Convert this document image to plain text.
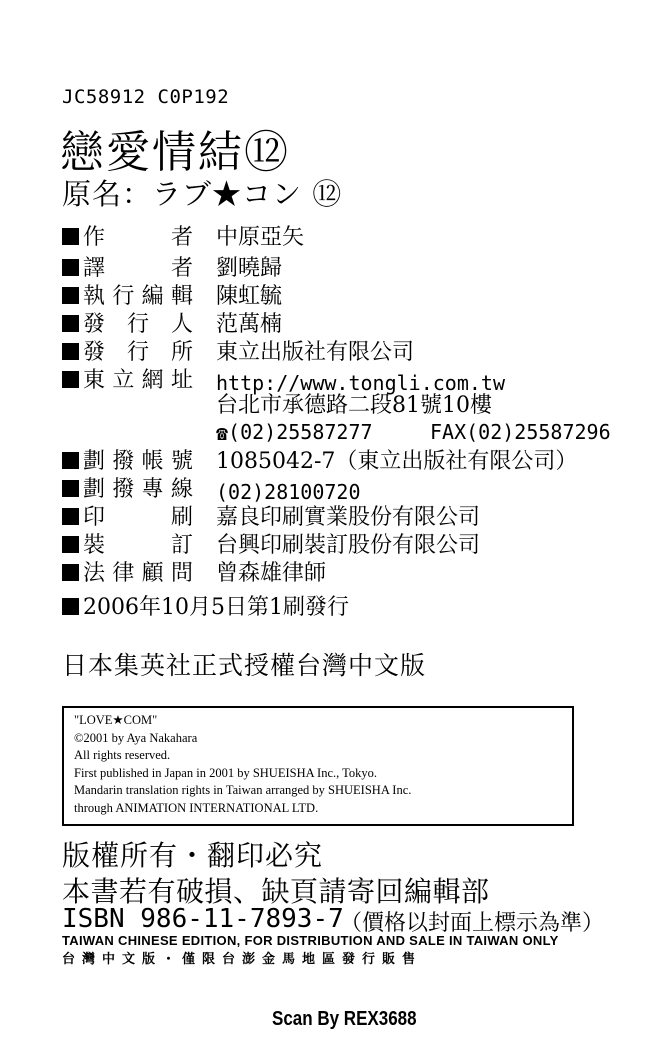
JC58912 C0P192
戀愛情結⑫
原名：ラブ★コン ⑫
作者 中原亞矢
譯者 劉曉歸
執行編輯 陳虹毓
發行人 范萬楠
發行所 東立出版社有限公司
東立網址 http://www.tongli.com.tw
劃撥帳號 1085042-7（東立出版社有限公司）
劃撥專線 (02)28100720
印刷 嘉良印刷實業股份有限公司
裝訂 台興印刷裝訂股份有限公司
法律顧問 曾森雄律師
台北市承德路二段81號10樓
☎(02)25587277	FAX(02)25587296
2006年10月5日第1刷發行
日本集英社正式授權台灣中文版
"LOVE★COM"
©2001 by Aya Nakahara
All rights reserved.
First published in Japan in 2001 by SHUEISHA Inc., Tokyo.
Mandarin translation rights in Taiwan arranged by SHUEISHA Inc.
through ANIMATION INTERNATIONAL LTD.
版權所有・翻印必究
本書若有破損、缺頁請寄回編輯部
ISBN 986-11-7893-7
（價格以封面上標示為準）
TAIWAN CHINESE EDITION, FOR DISTRIBUTION AND SALE IN TAIWAN ONLY
台灣中文版・僅限台澎金馬地區發行販售
Scan By REX3688
